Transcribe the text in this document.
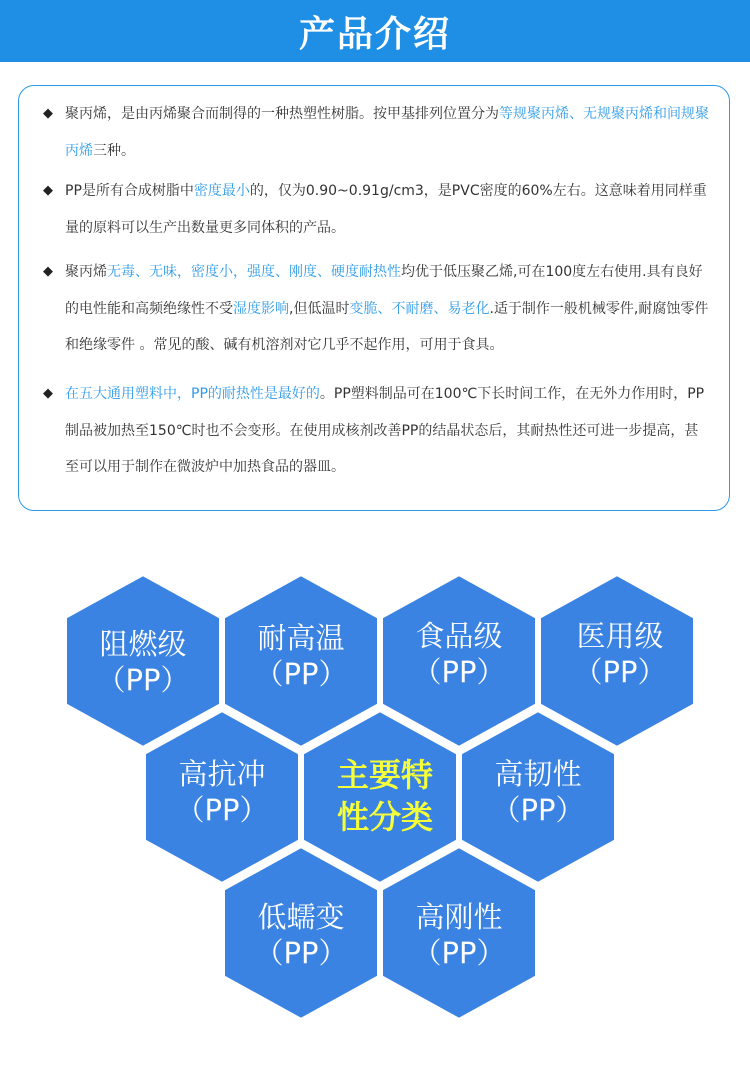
产品介绍
◆ 聚丙烯，是由丙烯聚合而制得的一种热塑性树脂。按甲基排列位置分为等规聚丙烯、无规聚丙烯和间规聚丙烯三种。
◆ PP是所有合成树脂中密度最小的，仅为0.90~0.91g/cm3，是PVC密度的60%左右。这意味着用同样重量的原料可以生产出数量更多同体积的产品。
◆ 聚丙烯无毒、无味，密度小，强度、刚度、硬度耐热性均优于低压聚乙烯,可在100度左右使用.具有良好的电性能和高频绝缘性不受湿度影响,但低温时变脆、不耐磨、易老化.适于制作一般机械零件,耐腐蚀零件和绝缘零件 。常见的酸、碱有机溶剂对它几乎不起作用，可用于食具。
◆ 在五大通用塑料中，PP的耐热性是最好的。PP塑料制品可在100℃下长时间工作，在无外力作用时，PP制品被加热至150℃时也不会变形。在使用成核剂改善PP的结晶状态后，其耐热性还可进一步提高，甚至可以用于制作在微波炉中加热食品的器皿。
阻燃级
（PP）
耐高温
（PP）
食品级
（PP）
医用级
（PP）
高抗冲
（PP）
主要特
性分类
高韧性
（PP）
低蠕变
（PP）
高刚性
（PP）
